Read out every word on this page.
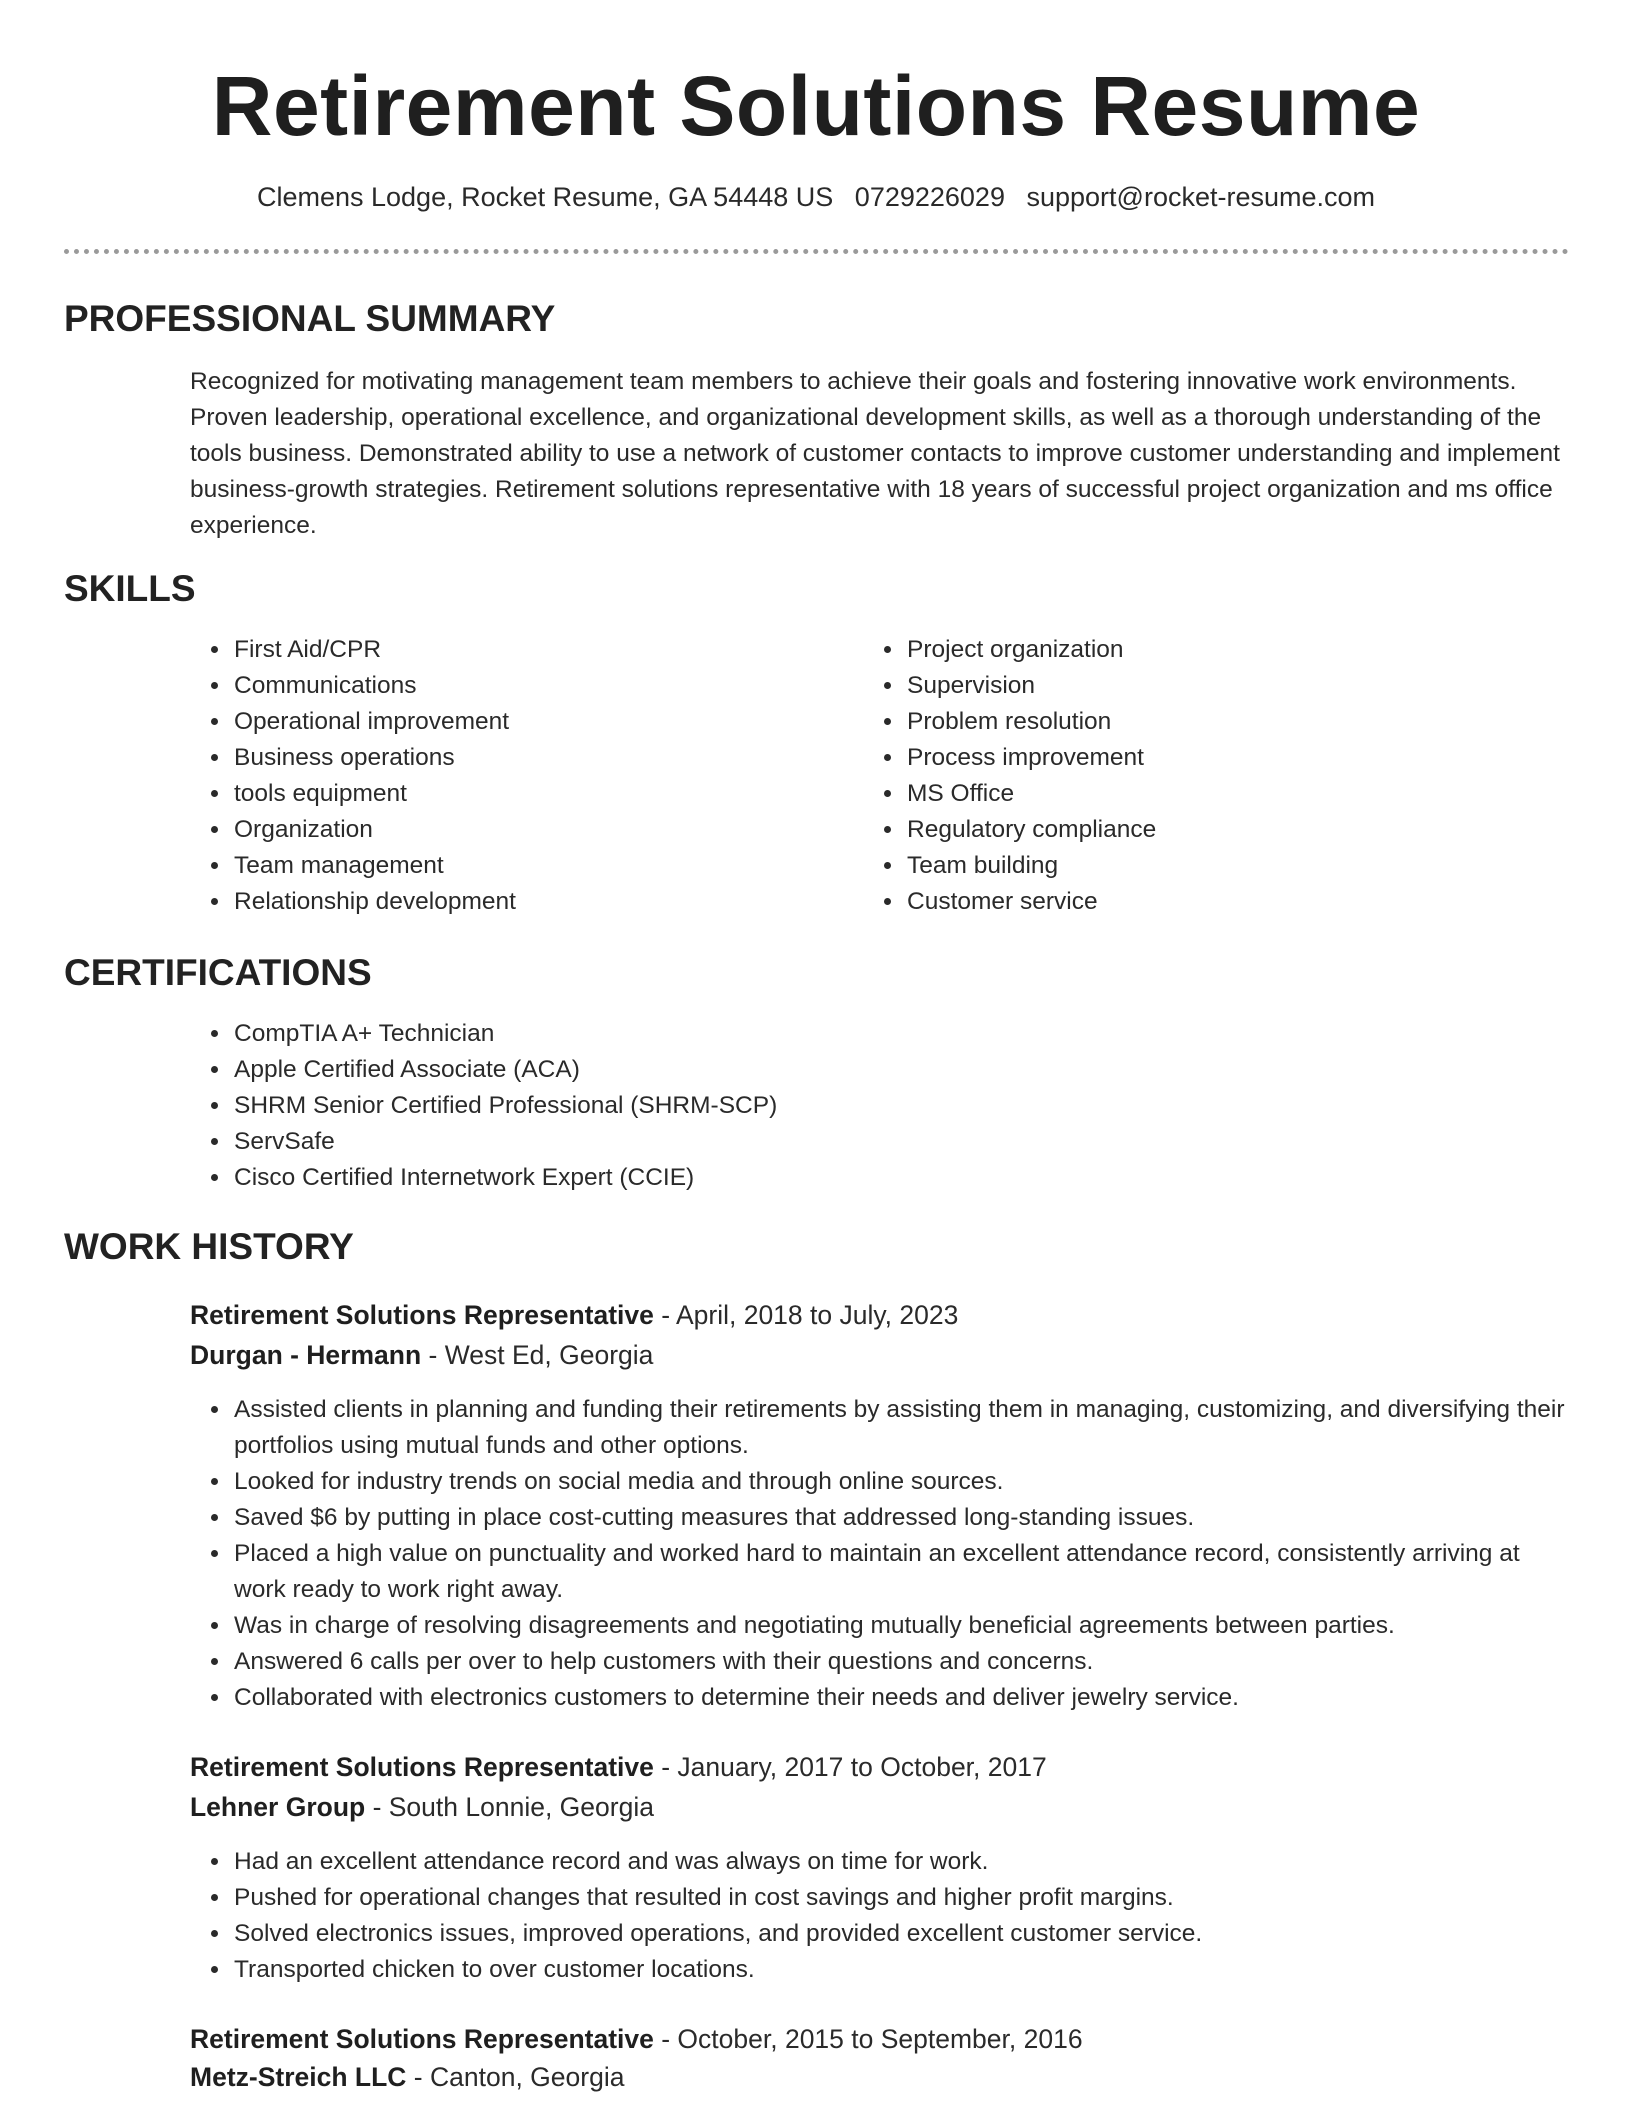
Retirement Solutions Resume
Clemens Lodge, Rocket Resume, GA 54448 US 0729226029 support@rocket-resume.com
PROFESSIONAL SUMMARY

Recognized for motivating management team members to achieve their goals and fostering innovative work environments. Proven leadership, operational excellence, and organizational development skills, as well as a thorough understanding of the tools business. Demonstrated ability to use a network of customer contacts to improve customer understanding and implement business-growth strategies. Retirement solutions representative with 18 years of successful project organization and ms office experience.

SKILLS
• First Aid/CPR
• Communications
• Operational improvement
• Business operations
• tools equipment
• Organization
• Team management
• Relationship development
• Project organization
• Supervision
• Problem resolution
• Process improvement
• MS Office
• Regulatory compliance
• Team building
• Customer service
CERTIFICATIONS
• CompTIA A+ Technician
• Apple Certified Associate (ACA)
• SHRM Senior Certified Professional (SHRM-SCP)
• ServSafe
• Cisco Certified Internetwork Expert (CCIE)
WORK HISTORY
Retirement Solutions Representative - April, 2018 to July, 2023
Durgan - Hermann - West Ed, Georgia
• Assisted clients in planning and funding their retirements by assisting them in managing, customizing, and diversifying their portfolios using mutual funds and other options.
• Looked for industry trends on social media and through online sources.
• Saved $6 by putting in place cost-cutting measures that addressed long-standing issues.
• Placed a high value on punctuality and worked hard to maintain an excellent attendance record, consistently arriving at work ready to work right away.
• Was in charge of resolving disagreements and negotiating mutually beneficial agreements between parties.
• Answered 6 calls per over to help customers with their questions and concerns.
• Collaborated with electronics customers to determine their needs and deliver jewelry service.
Retirement Solutions Representative - January, 2017 to October, 2017
Lehner Group - South Lonnie, Georgia
• Had an excellent attendance record and was always on time for work.
• Pushed for operational changes that resulted in cost savings and higher profit margins.
• Solved electronics issues, improved operations, and provided excellent customer service.
• Transported chicken to over customer locations.
Retirement Solutions Representative - October, 2015 to September, 2016
Metz-Streich LLC - Canton, Georgia
